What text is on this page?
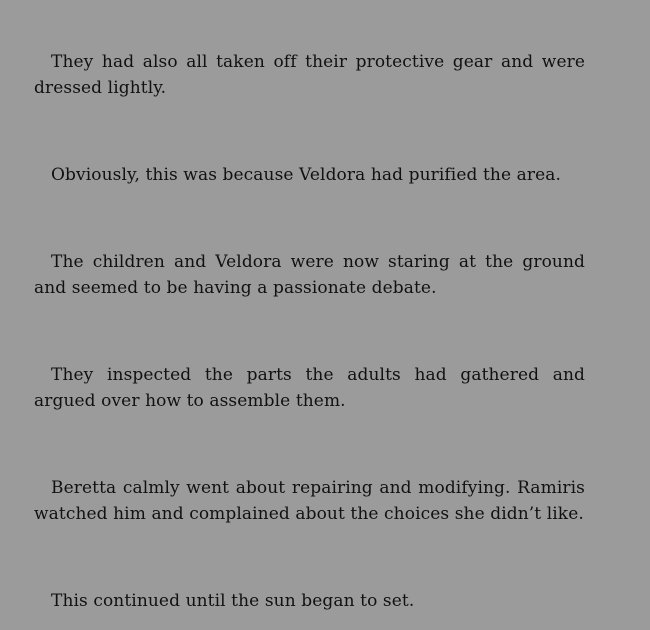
They had also all taken off their protective gear and were dressed lightly.

Obviously, this was because Veldora had purified the area.

The children and Veldora were now staring at the ground and seemed to be having a passionate debate.

They inspected the parts the adults had gathered and argued over how to assemble them.

Beretta calmly went about repairing and modifying. Ramiris watched him and complained about the choices she didn’t like.

This continued until the sun began to set.
